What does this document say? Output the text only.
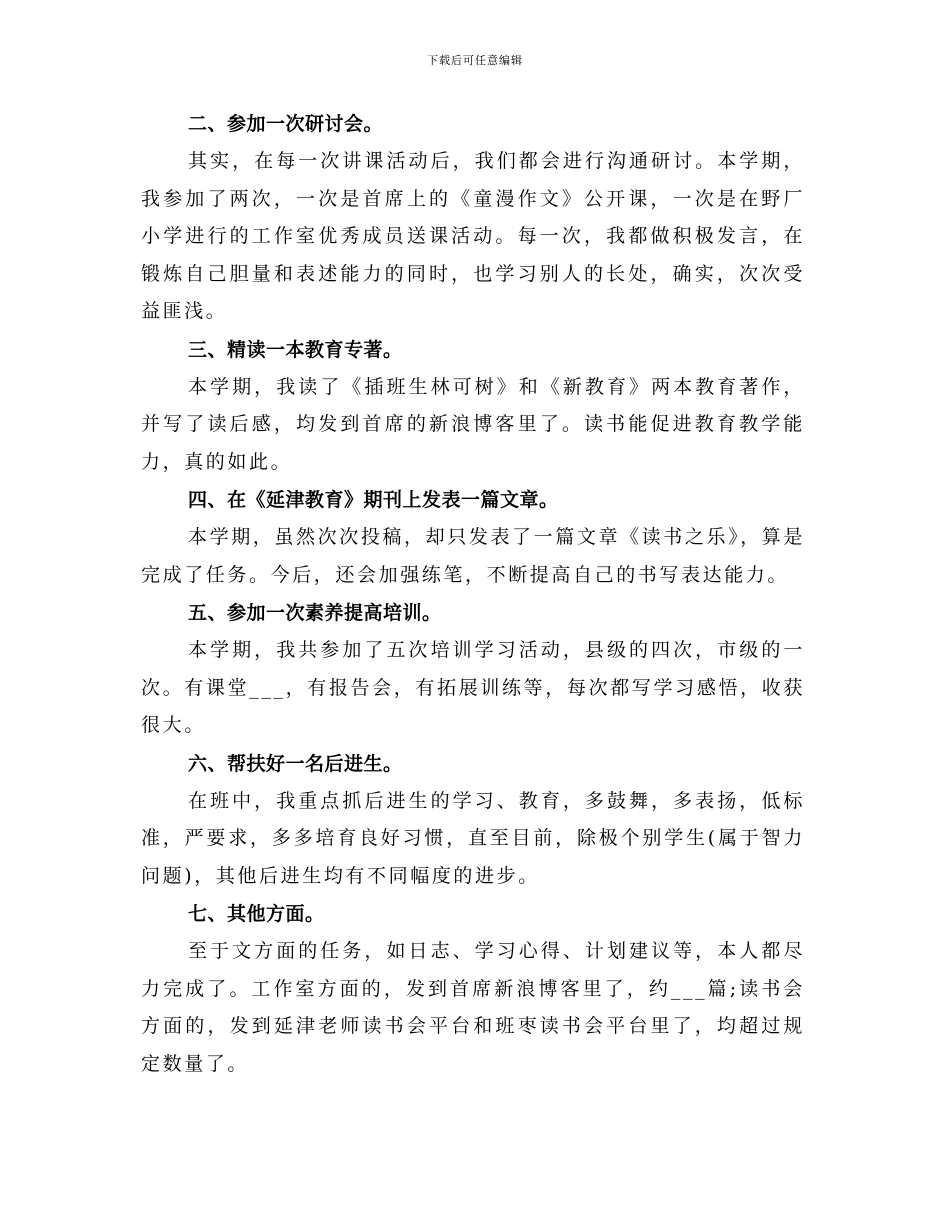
下载后可任意编辑

二、参加一次研讨会。

其实，在每一次讲课活动后，我们都会进行沟通研讨。本学期，我参加了两次，一次是首席上的《童漫作文》公开课，一次是在野厂小学进行的工作室优秀成员送课活动。每一次，我都做积极发言，在锻炼自己胆量和表述能力的同时，也学习别人的长处，确实，次次受益匪浅。

三、精读一本教育专著。

本学期，我读了《插班生林可树》和《新教育》两本教育著作，并写了读后感，均发到首席的新浪博客里了。读书能促进教育教学能力，真的如此。

四、在《延津教育》期刊上发表一篇文章。

本学期，虽然次次投稿，却只发表了一篇文章《读书之乐》，算是完成了任务。今后，还会加强练笔，不断提高自己的书写表达能力。

五、参加一次素养提高培训。

本学期，我共参加了五次培训学习活动，县级的四次，市级的一次。有课堂___，有报告会，有拓展训练等，每次都写学习感悟，收获很大。

六、帮扶好一名后进生。

在班中，我重点抓后进生的学习、教育，多鼓舞，多表扬，低标准，严要求，多多培育良好习惯，直至目前，除极个别学生(属于智力问题)，其他后进生均有不同幅度的进步。

七、其他方面。

至于文方面的任务，如日志、学习心得、计划建议等，本人都尽力完成了。工作室方面的，发到首席新浪博客里了，约___篇;读书会方面的，发到延津老师读书会平台和班枣读书会平台里了，均超过规定数量了。
